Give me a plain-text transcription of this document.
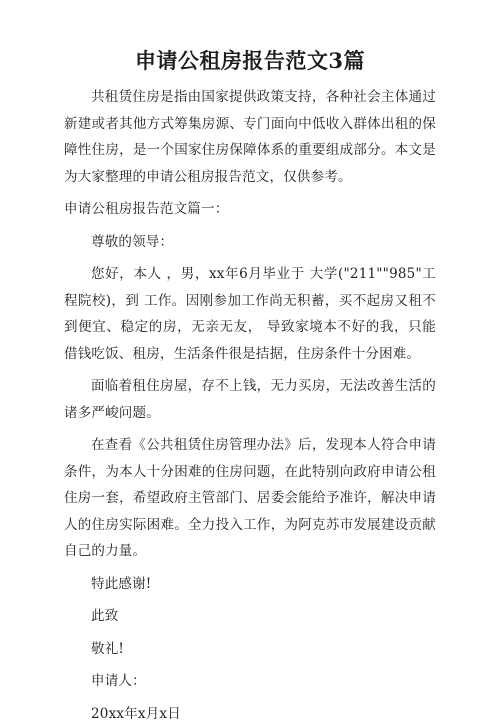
申请公租房报告范文3篇

共租赁住房是指由国家提供政策支持，各种社会主体通过新建或者其他方式筹集房源、专门面向中低收入群体出租的保障性住房，是一个国家住房保障体系的重要组成部分。本文是为大家整理的申请公租房报告范文，仅供参考。

申请公租房报告范文篇一：

尊敬的领导：

您好，本人 ，男，xx年6月毕业于 大学("211""985"工程院校)，到 工作。因刚参加工作尚无积蓄，买不起房又租不到便宜、稳定的房，无亲无友， 导致家境本不好的我，只能借钱吃饭、租房，生活条件很是拮据，住房条件十分困难。

面临着租住房屋，存不上钱，无力买房，无法改善生活的诸多严峻问题。

在查看《公共租赁住房管理办法》后，发现本人符合申请条件，为本人十分困难的住房问题，在此特别向政府申请公租住房一套，希望政府主管部门、居委会能给予准许，解决申请人的住房实际困难。全力投入工作，为阿克苏市发展建设贡献自己的力量。

特此感谢!

此致

敬礼!

申请人：

20xx年x月x日
